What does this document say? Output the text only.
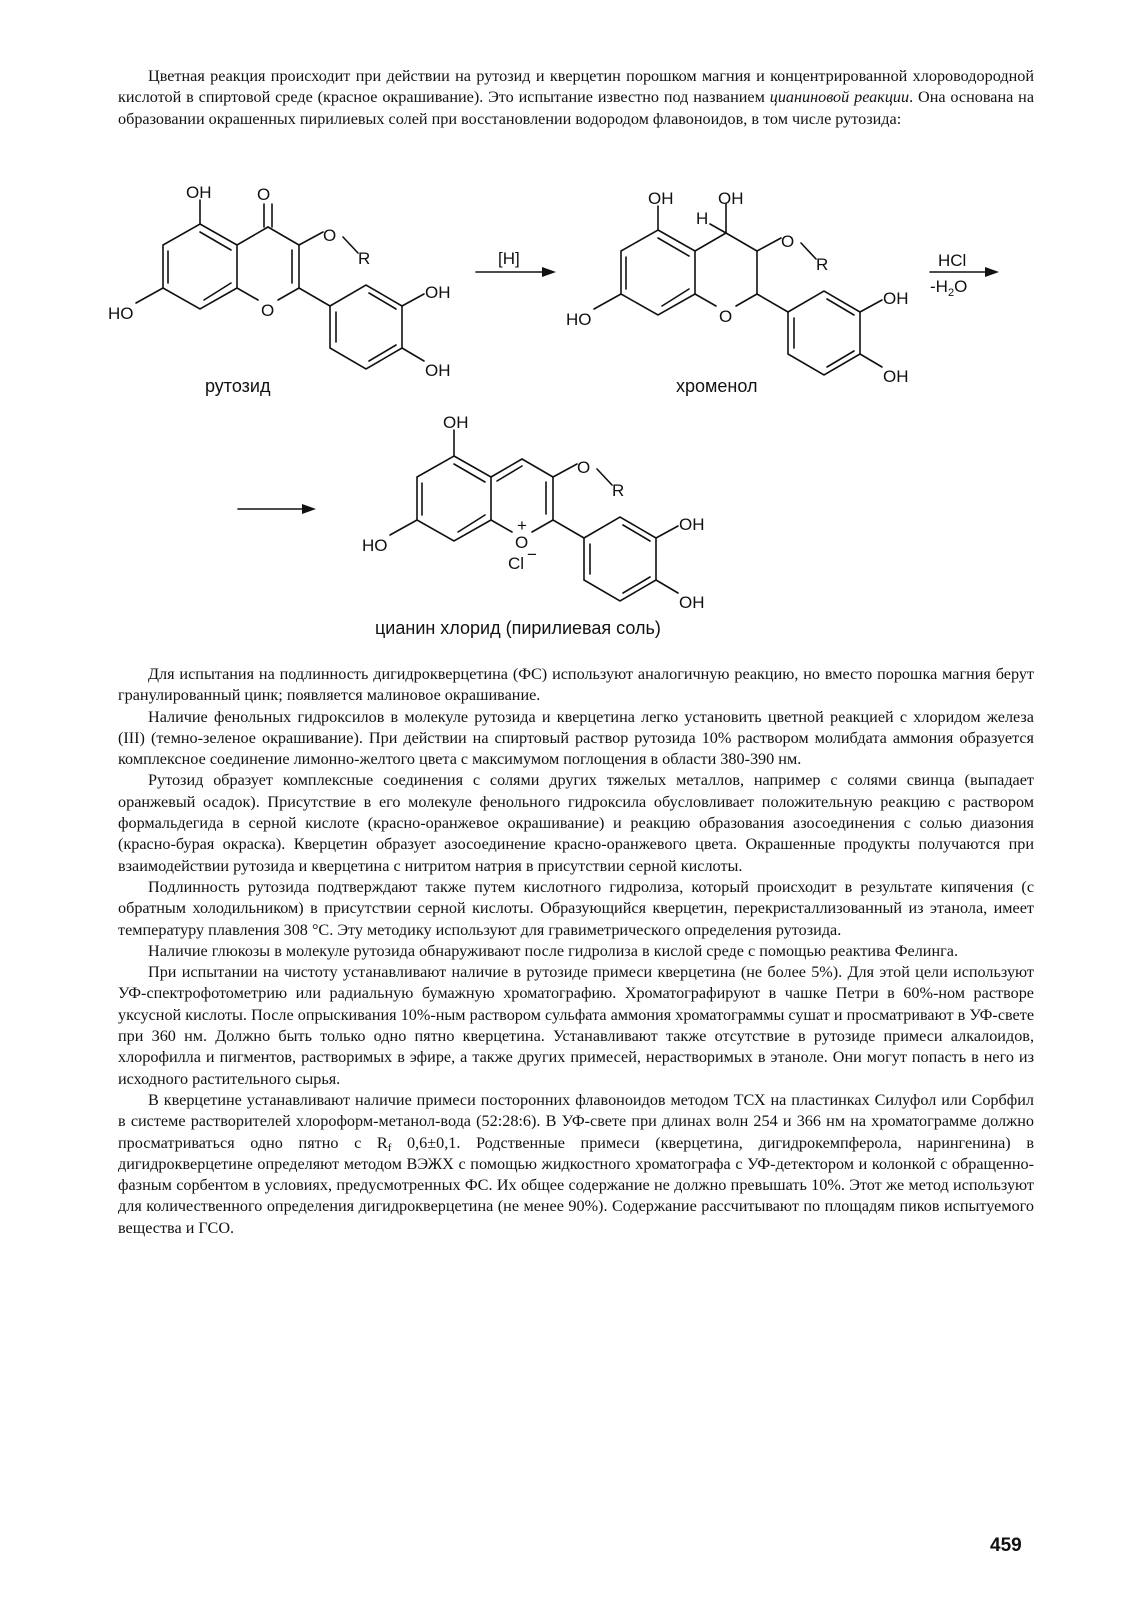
Цветная реакция происходит при действии на рутозид и кверцетин порошком магния и концентрированной хлороводородной кислотой в спиртовой среде (красное окрашивание). Это испытание известно под названием цианиновой реакции. Она основана на образовании окрашенных пирилиевых солей при восстановлении водородом флавоноидов, в том числе рутозида:

OH	O
O
R
HO	O
OH
OH
рутозид
[H]
OH	OH
H
O
R
HO	O
OH
OH
хроменол
HCl
$-H_2O$
OH
O
R
HO	O
+
Cl −
OH
OH
цианин хлорид (пирилиевая соль)

Для испытания на подлинность дигидрокверцетина (ФС) используют аналогичную реакцию, но вместо порошка магния берут гранулированный цинк; появляется малиновое окрашивание.

Наличие фенольных гидроксилов в молекуле рутозида и кверцетина легко установить цветной реакцией с хлоридом железа (III) (темно-зеленое окрашивание). При действии на спиртовый раствор рутозида 10% раствором молибдата аммония образуется комплексное соединение лимонно-желтого цвета с максимумом поглощения в области 380-390 нм.

Рутозид образует комплексные соединения с солями других тяжелых металлов, например с солями свинца (выпадает оранжевый осадок). Присутствие в его молекуле фенольного гидроксила обусловливает положительную реакцию с раствором формальдегида в серной кислоте (красно-оранжевое окрашивание) и реакцию образования азосоединения с солью диазония (красно-бурая окраска). Кверцетин образует азосоединение красно-оранжевого цвета. Окрашенные продукты получаются при взаимодействии рутозида и кверцетина с нитритом натрия в присутствии серной кислоты.

Подлинность рутозида подтверждают также путем кислотного гидролиза, который происходит в результате кипячения (с обратным холодильником) в присутствии серной кислоты. Образующийся кверцетин, перекристаллизованный из этанола, имеет температуру плавления 308 °С. Эту методику используют для гравиметрического определения рутозида.

Наличие глюкозы в молекуле рутозида обнаруживают после гидролиза в кислой среде с помощью реактива Фелинга.

При испытании на чистоту устанавливают наличие в рутозиде примеси кверцетина (не более 5%). Для этой цели используют УФ-спектрофотометрию или радиальную бумажную хроматографию. Хроматографируют в чашке Петри в 60%-ном растворе уксусной кислоты. После опрыскивания 10%-ным раствором сульфата аммония хроматограммы сушат и просматривают в УФ-свете при 360 нм. Должно быть только одно пятно кверцетина. Устанавливают также отсутствие в рутозиде примеси алкалоидов, хлорофилла и пигментов, растворимых в эфире, а также других примесей, нерастворимых в этаноле. Они могут попасть в него из исходного растительного сырья.

В кверцетине устанавливают наличие примеси посторонних флавоноидов методом ТСХ на пластинках Силуфол или Сорбфил в системе растворителей хлороформ-метанол-вода (52:28:6). В УФ-свете при длинах волн 254 и 366 нм на хроматограмме должно просматриваться одно пятно с $R_f$ 0,6±0,1. Родственные примеси (кверцетина, дигидрокемпферола, нарингенина) в дигидрокверцетине определяют методом ВЭЖХ с помощью жидкостного хроматографа с УФ-детектором и колонкой с обращенно-фазным сорбентом в условиях, предусмотренных ФС. Их общее содержание не должно превышать 10%. Этот же метод используют для количественного определения дигидрокверцетина (не менее 90%). Содержание рассчитывают по площадям пиков испытуемого вещества и ГСО.

459
